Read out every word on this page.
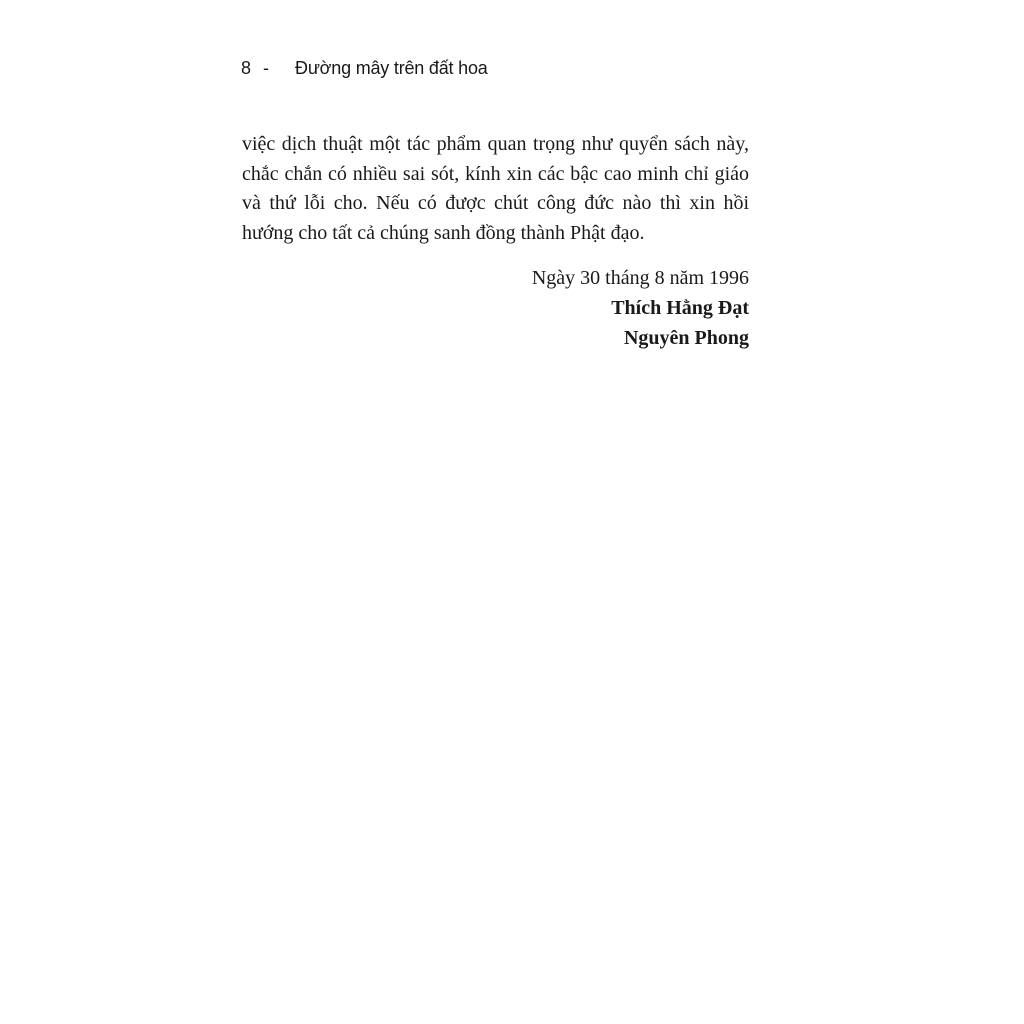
8 - Đường mây trên đất hoa
việc dịch thuật một tác phẩm quan trọng như quyển sách này,
chắc chắn có nhiều sai sót, kính xin các bậc cao minh chỉ giáo
và thứ lỗi cho. Nếu có được chút công đức nào thì xin hồi
hướng cho tất cả chúng sanh đồng thành Phật đạo.
Ngày 30 tháng 8 năm 1996
Thích Hằng Đạt
Nguyên Phong
